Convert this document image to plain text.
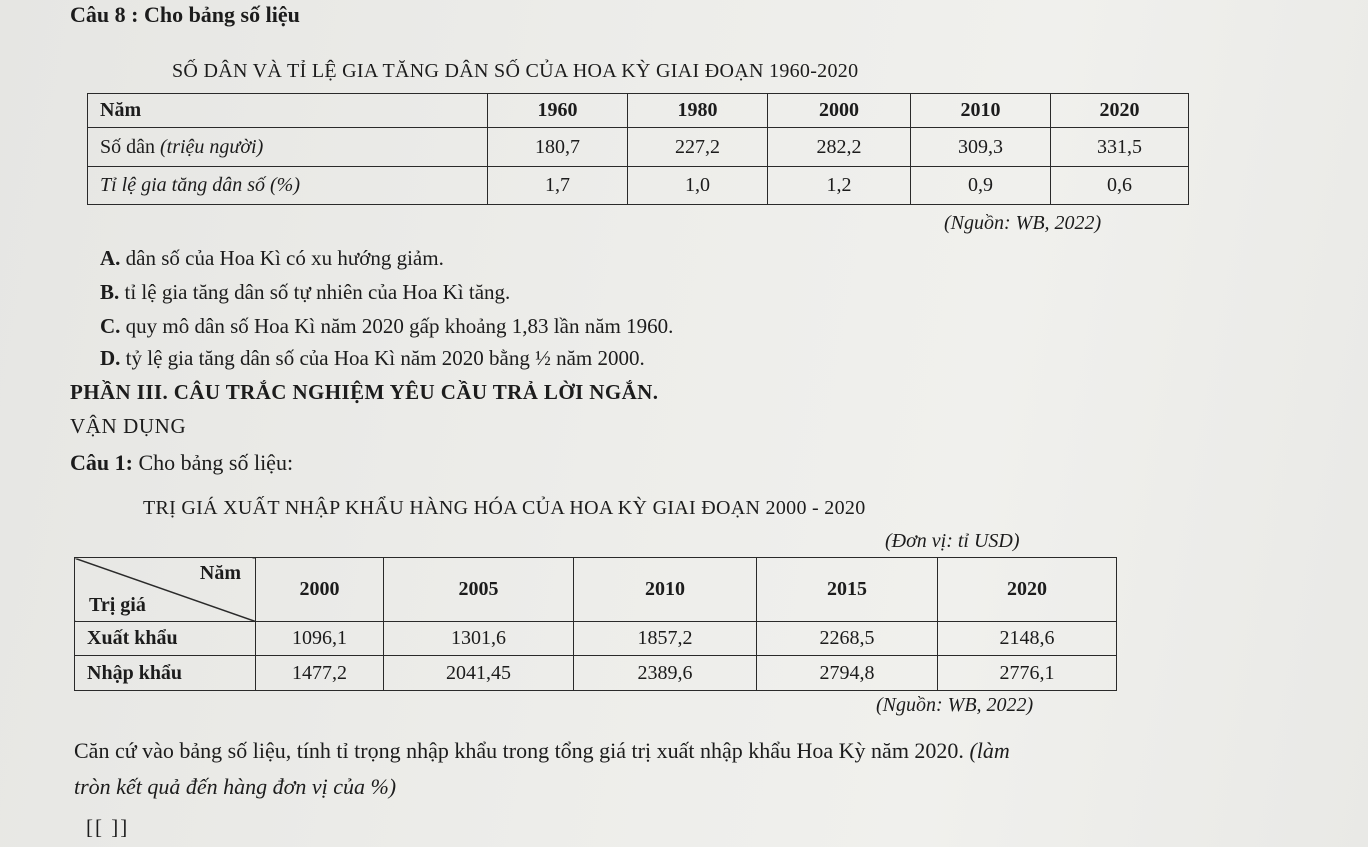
Câu 8 : Cho bảng số liệu
SỐ DÂN VÀ TỈ LỆ GIA TĂNG DÂN SỐ CỦA HOA KỲ GIAI ĐOẠN 1960-2020
Năm	1960	1980	2000	2010	2020
Số dân (triệu người)	180,7	227,2	282,2	309,3	331,5
Tỉ lệ gia tăng dân số (%)	1,7	1,0	1,2	0,9	0,6
(Nguồn: WB, 2022)
A. dân số của Hoa Kì có xu hướng giảm.
B. tỉ lệ gia tăng dân số tự nhiên của Hoa Kì tăng.
C. quy mô dân số Hoa Kì năm 2020 gấp khoảng 1,83 lần năm 1960.
D. tỷ lệ gia tăng dân số của Hoa Kì năm 2020 bằng ½ năm 2000.
PHẦN III. CÂU TRẮC NGHIỆM YÊU CẦU TRẢ LỜI NGẮN.
VẬN DỤNG
Câu 1: Cho bảng số liệu:
TRỊ GIÁ XUẤT NHẬP KHẨU HÀNG HÓA CỦA HOA KỲ GIAI ĐOẠN 2000 - 2020
(Đơn vị: tỉ USD)
Năm
Trị giá	2000	2005	2010	2015	2020
Xuất khẩu	1096,1	1301,6	1857,2	2268,5	2148,6
Nhập khẩu	1477,2	2041,45	2389,6	2794,8	2776,1
(Nguồn: WB, 2022)
Căn cứ vào bảng số liệu, tính tỉ trọng nhập khẩu trong tổng giá trị xuất nhập khẩu Hoa Kỳ năm 2020. (làm
tròn kết quả đến hàng đơn vị của %)
[[ ]]
